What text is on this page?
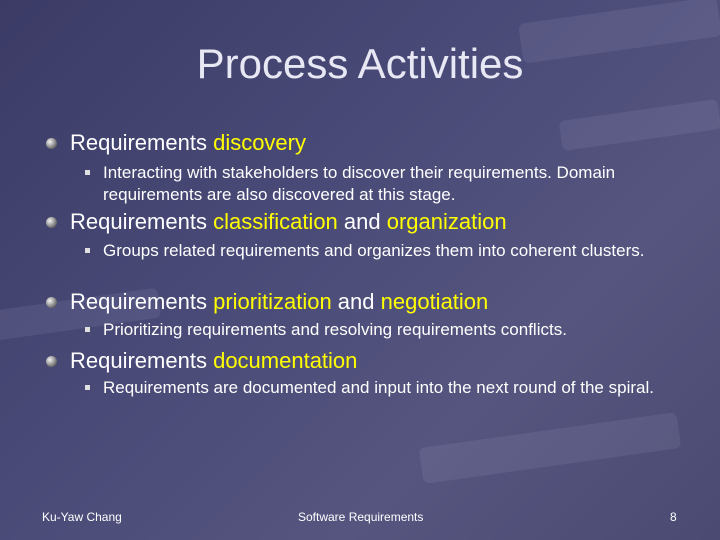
Process Activities
Requirements discovery
Interacting with stakeholders to discover their requirements. Domain requirements are also discovered at this stage.
Requirements classification and organization
Groups related requirements and organizes them into coherent clusters.
Requirements prioritization and negotiation
Prioritizing requirements and resolving requirements conflicts.
Requirements documentation
Requirements are documented and input into the next round of the spiral.
Ku-Yaw Chang	Software Requirements	8
